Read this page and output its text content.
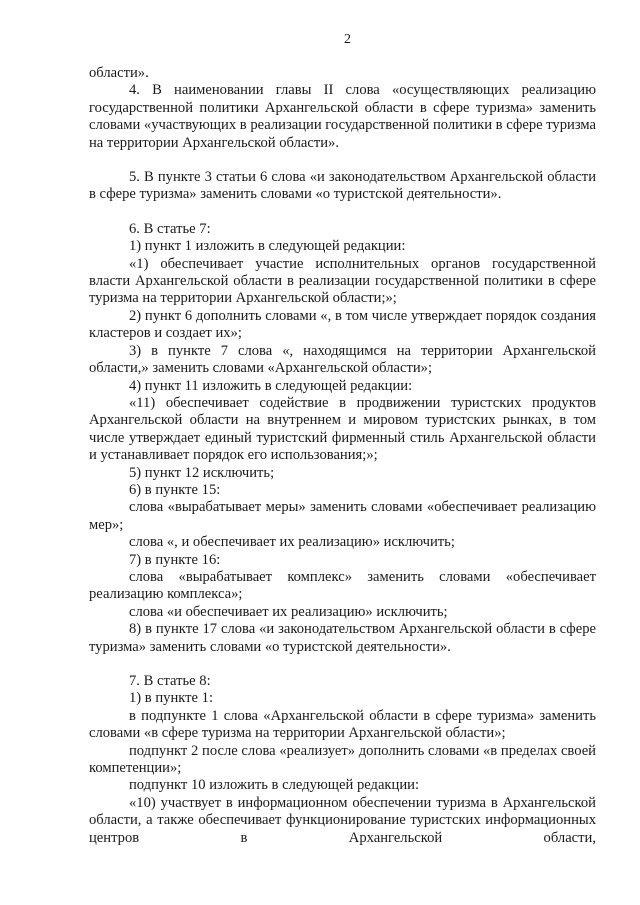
2

области».

4. В наименовании главы II слова «осуществляющих реализацию государственной политики Архангельской области в сфере туризма» заменить словами «участвующих в реализации государственной политики в сфере туризма на территории Архангельской области».

5. В пункте 3 статьи 6 слова «и законодательством Архангельской области в сфере туризма» заменить словами «о туристской деятельности».

6. В статье 7:

1) пункт 1 изложить в следующей редакции:

«1) обеспечивает участие исполнительных органов государственной власти Архангельской области в реализации государственной политики в сфере туризма на территории Архангельской области;»;

2) пункт 6 дополнить словами «, в том числе утверждает порядок создания кластеров и создает их»;

3) в пункте 7 слова «, находящимся на территории Архангельской области,» заменить словами «Архангельской области»;

4) пункт 11 изложить в следующей редакции:

«11) обеспечивает содействие в продвижении туристских продуктов Архангельской области на внутреннем и мировом туристских рынках, в том числе утверждает единый туристский фирменный стиль Архангельской области и устанавливает порядок его использования;»;

5) пункт 12 исключить;

6) в пункте 15:

слова «вырабатывает меры» заменить словами «обеспечивает реализацию мер»;

слова «, и обеспечивает их реализацию» исключить;

7) в пункте 16:

слова «вырабатывает комплекс» заменить словами «обеспечивает реализацию комплекса»;

слова «и обеспечивает их реализацию» исключить;

8) в пункте 17 слова «и законодательством Архангельской области в сфере туризма» заменить словами «о туристской деятельности».

7. В статье 8:

1) в пункте 1:

в подпункте 1 слова «Архангельской области в сфере туризма» заменить словами «в сфере туризма на территории Архангельской области»;

подпункт 2 после слова «реализует» дополнить словами «в пределах своей компетенции»;

подпункт 10 изложить в следующей редакции:

«10) участвует в информационном обеспечении туризма в Архангельской области, а также обеспечивает функционирование туристских информационных центров в Архангельской области,
